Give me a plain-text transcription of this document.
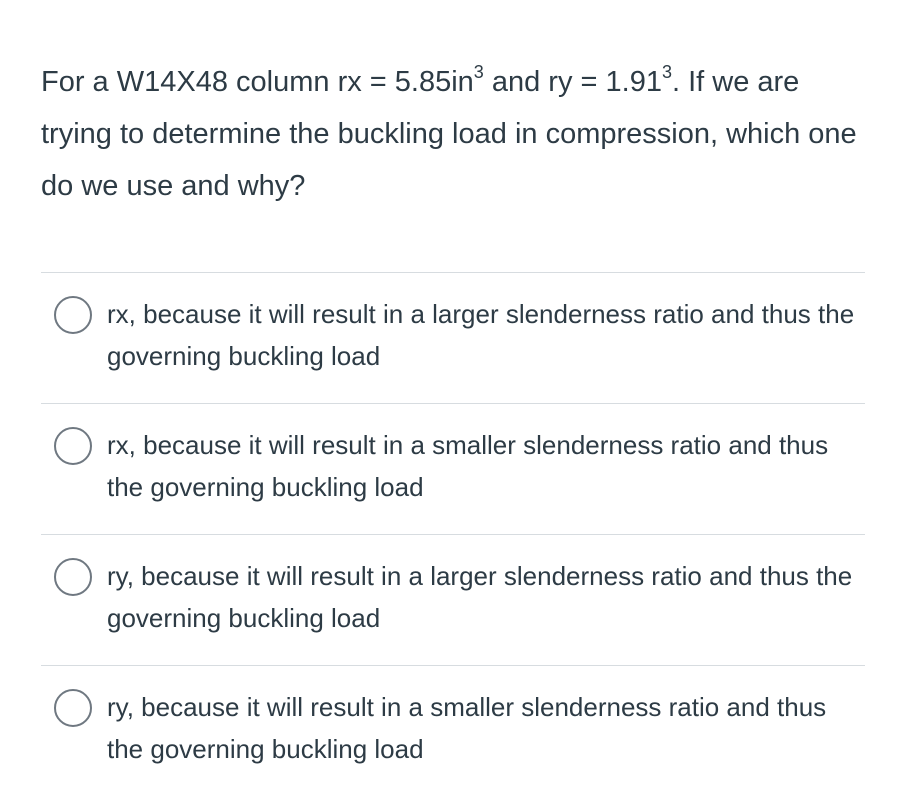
For a W14X48 column rx = $5.85in^3$ and ry = $1.91^3$. If we are trying to determine the buckling load in compression, which one do we use and why?
rx, because it will result in a larger slenderness ratio and thus the governing buckling load
rx, because it will result in a smaller slenderness ratio and thus the governing buckling load
ry, because it will result in a larger slenderness ratio and thus the governing buckling load
ry, because it will result in a smaller slenderness ratio and thus the governing buckling load
